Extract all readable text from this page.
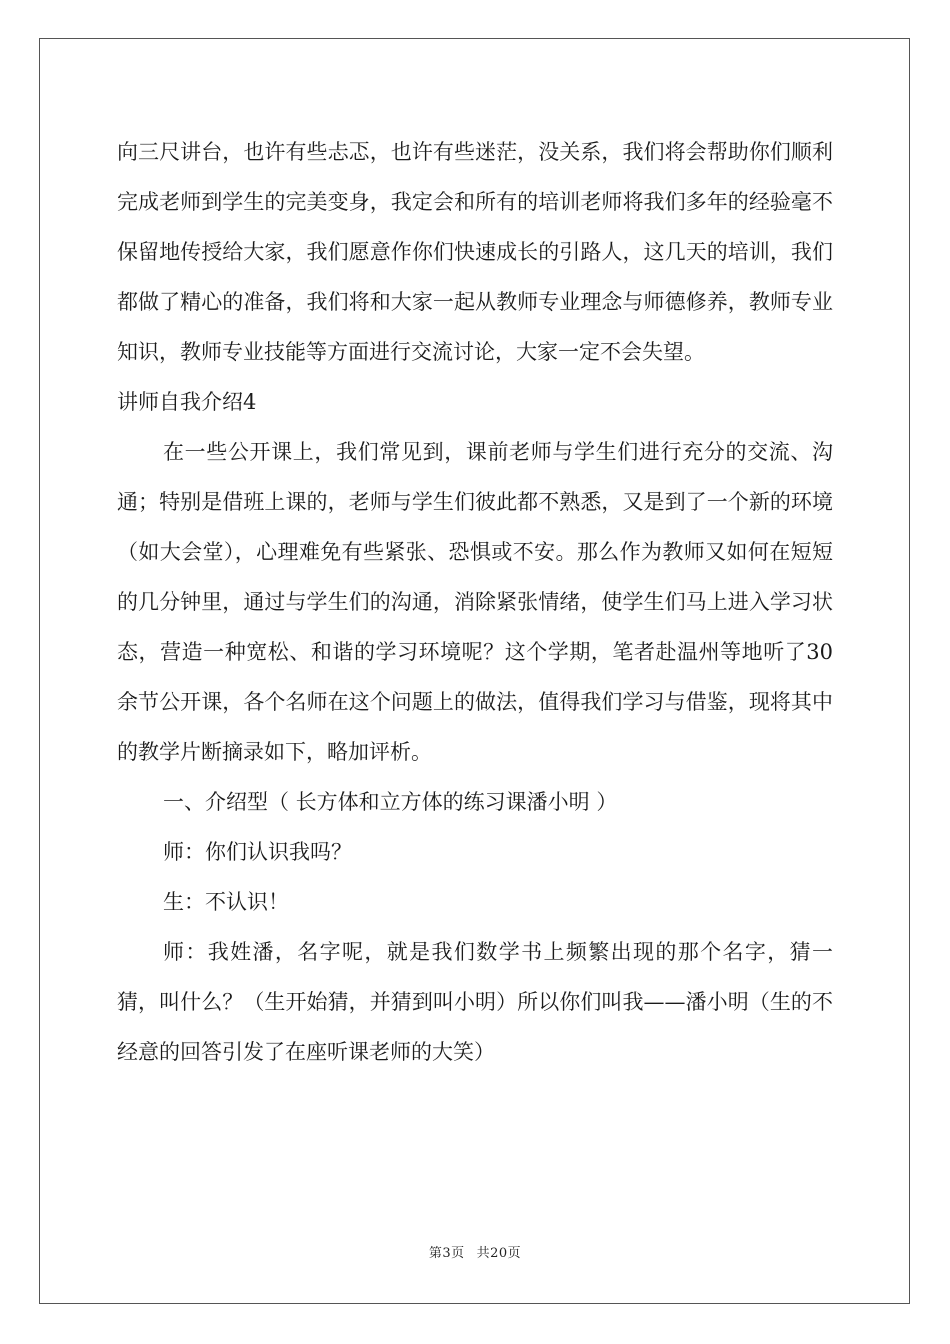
向三尺讲台，也许有些忐忑，也许有些迷茫，没关系，我们将会帮助你们顺利完成老师到学生的完美变身，我定会和所有的培训老师将我们多年的经验毫不保留地传授给大家，我们愿意作你们快速成长的引路人，这几天的培训，我们都做了精心的准备，我们将和大家一起从教师专业理念与师德修养，教师专业知识，教师专业技能等方面进行交流讨论，大家一定不会失望。

讲师自我介绍4

在一些公开课上，我们常见到，课前老师与学生们进行充分的交流、沟通；特别是借班上课的，老师与学生们彼此都不熟悉，又是到了一个新的环境（如大会堂），心理难免有些紧张、恐惧或不安。那么作为教师又如何在短短的几分钟里，通过与学生们的沟通，消除紧张情绪，使学生们马上进入学习状态，营造一种宽松、和谐的学习环境呢？这个学期，笔者赴温州等地听了30余节公开课，各个名师在这个问题上的做法，值得我们学习与借鉴，现将其中的教学片断摘录如下，略加评析。

一、介绍型（ 长方体和立方体的练习课潘小明 ）

师：你们认识我吗？

生：不认识！

师：我姓潘，名字呢，就是我们数学书上频繁出现的那个名字，猜一猜，叫什么？（生开始猜，并猜到叫小明）所以你们叫我——潘小明（生的不经意的回答引发了在座听课老师的大笑）

第3页 共20页
